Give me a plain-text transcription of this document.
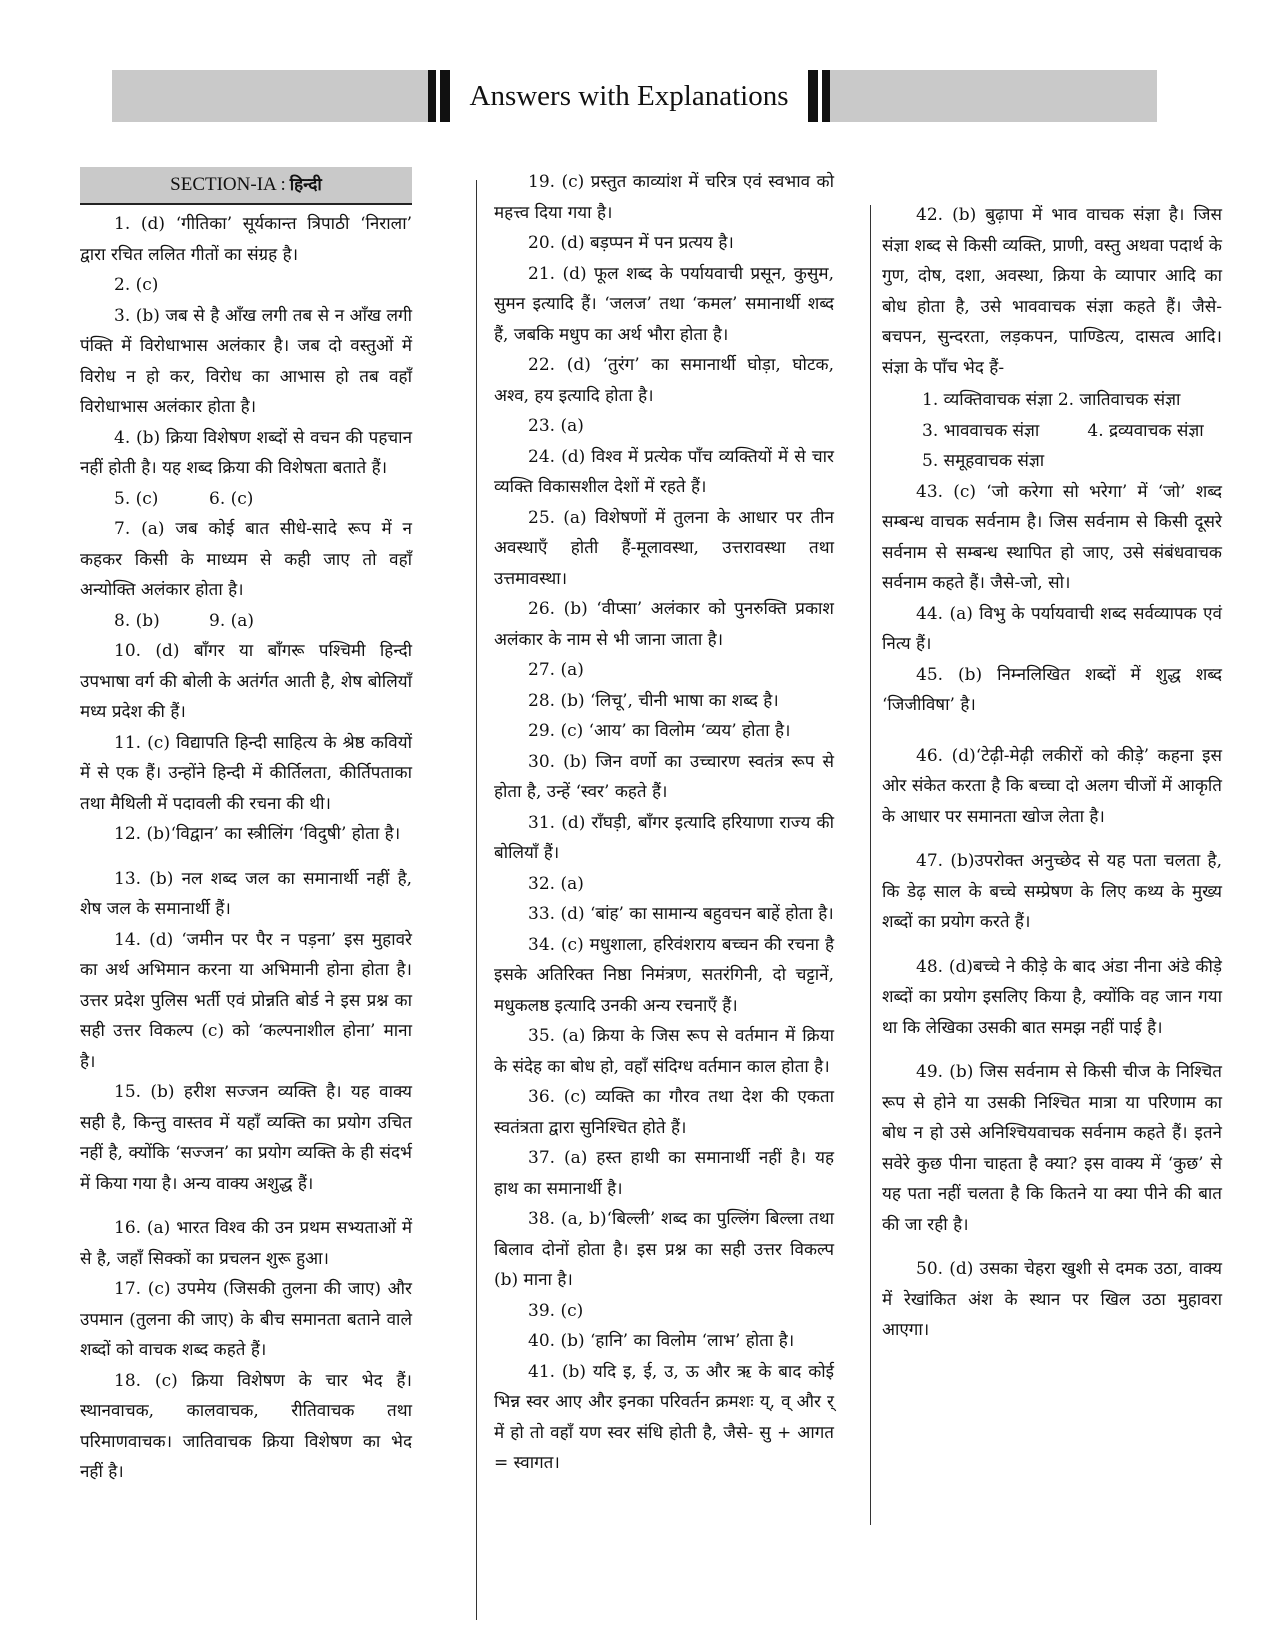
Answers with Explanations
SECTION-IA : हिन्दी

1. (d) ‘गीतिका’ सूर्यकान्त त्रिपाठी ‘निराला’ द्वारा रचित ललित गीतों का संग्रह है।

2. (c)

3. (b) जब से है आँख लगी तब से न आँख लगी पंक्ति में विरोधाभास अलंकार है। जब दो वस्तुओं में विरोध न हो कर, विरोध का आभास हो तब वहाँ विरोधाभास अलंकार होता है।

4. (b) क्रिया विशेषण शब्दों से वचन की पहचान नहीं होती है। यह शब्द क्रिया की विशेषता बताते हैं।

5. (c)	6. (c)

7. (a) जब कोई बात सीधे-सादे रूप में न कहकर किसी के माध्यम से कही जाए तो वहाँ अन्योक्ति अलंकार होता है।

8. (b)	9. (a)

10. (d) बाँगर या बाँगरू पश्चिमी हिन्दी उपभाषा वर्ग की बोली के अतंर्गत आती है, शेष बोलियाँ मध्य प्रदेश की हैं।

11. (c) विद्यापति हिन्दी साहित्य के श्रेष्ठ कवियों में से एक हैं। उन्होंने हिन्दी में कीर्तिलता, कीर्तिपताका तथा मैथिली में पदावली की रचना की थी।

12. (b)‘विद्वान’ का स्त्रीलिंग ‘विदुषी’ होता है।

13. (b) नल शब्द जल का समानार्थी नहीं है, शेष जल के समानार्थी हैं।

14. (d) ‘जमीन पर पैर न पड़ना’ इस मुहावरे का अर्थ अभिमान करना या अभिमानी होना होता है। उत्तर प्रदेश पुलिस भर्ती एवं प्रोन्नति बोर्ड ने इस प्रश्न का सही उत्तर विकल्प (c) को ‘कल्पनाशील होना’ माना है।

15. (b) हरीश सज्जन व्यक्ति है। यह वाक्य सही है, किन्तु वास्तव में यहाँ व्यक्ति का प्रयोग उचित नहीं है, क्योंकि ‘सज्जन’ का प्रयोग व्यक्ति के ही संदर्भ में किया गया है। अन्य वाक्य अशुद्ध हैं।

16. (a) भारत विश्व की उन प्रथम सभ्यताओं में से है, जहाँ सिक्कों का प्रचलन शुरू हुआ।

17. (c) उपमेय (जिसकी तुलना की जाए) और उपमान (तुलना की जाए) के बीच समानता बताने वाले शब्दों को वाचक शब्द कहते हैं।

18. (c) क्रिया विशेषण के चार भेद हैं। स्थानवाचक, कालवाचक, रीतिवाचक तथा परिमाणवाचक। जातिवाचक क्रिया विशेषण का भेद नहीं है।

19. (c) प्रस्तुत काव्यांश में चरित्र एवं स्वभाव को महत्त्व दिया गया है।

20. (d) बड़प्पन में पन प्रत्यय है।

21. (d) फूल शब्द के पर्यायवाची प्रसून, कुसुम, सुमन इत्यादि हैं। ‘जलज’ तथा ‘कमल’ समानार्थी शब्द हैं, जबकि मधुप का अर्थ भौरा होता है।

22. (d) ‘तुरंग’ का समानार्थी घोड़ा, घोटक, अश्व, हय इत्यादि होता है।

23. (a)

24. (d) विश्व में प्रत्येक पाँच व्यक्तियों में से चार व्यक्ति विकासशील देशों में रहते हैं।

25. (a) विशेषणों में तुलना के आधार पर तीन अवस्थाएँ होती हैं-मूलावस्था, उत्तरावस्था तथा उत्तमावस्था।

26. (b) ‘वीप्सा’ अलंकार को पुनरुक्ति प्रकाश अलंकार के नाम से भी जाना जाता है।

27. (a)

28. (b) ‘लिचू’, चीनी भाषा का शब्द है।

29. (c) ‘आय’ का विलोम ‘व्यय’ होता है।

30. (b) जिन वर्णो का उच्चारण स्वतंत्र रूप से होता है, उन्हें ‘स्वर’ कहते हैं।

31. (d) राँघड़ी, बाँगर इत्यादि हरियाणा राज्य की बोलियाँ हैं।

32. (a)

33. (d) ‘बांह’ का सामान्य बहुवचन बाहें होता है।

34. (c) मधुशाला, हरिवंशराय बच्चन की रचना है इसके अतिरिक्त निष्ठा निमंत्रण, सतरंगिनी, दो चट्टानें, मधुकलष्ठ इत्यादि उनकी अन्य रचनाएँ हैं।

35. (a) क्रिया के जिस रूप से वर्तमान में क्रिया के संदेह का बोध हो, वहाँ संदिग्ध वर्तमान काल होता है।

36. (c) व्यक्ति का गौरव तथा देश की एकता स्वतंत्रता द्वारा सुनिश्चित होते हैं।

37. (a) हस्त हाथी का समानार्थी नहीं है। यह हाथ का समानार्थी है।

38. (a, b)‘बिल्ली’ शब्द का पुल्लिंग बिल्ला तथा बिलाव दोनों होता है। इस प्रश्न का सही उत्तर विकल्प (b) माना है।

39. (c)

40. (b) ‘हानि’ का विलोम ‘लाभ’ होता है।

41. (b) यदि इ, ई, उ, ऊ और ऋ के बाद कोई भिन्न स्वर आए और इनका परिवर्तन क्रमशः य्, व् और र् में हो तो वहाँ यण स्वर संधि होती है, जैसे- सु + आगत = स्वागत।

42. (b) बुढ़ापा में भाव वाचक संज्ञा है। जिस संज्ञा शब्द से किसी व्यक्ति, प्राणी, वस्तु अथवा पदार्थ के गुण, दोष, दशा, अवस्था, क्रिया के व्यापार आदि का बोध होता है, उसे भाववाचक संज्ञा कहते हैं। जैसे-बचपन, सुन्दरता, लड़कपन, पाण्डित्य, दासत्व आदि। संज्ञा के पाँच भेद हैं-

1. व्यक्तिवाचक संज्ञा 2. जातिवाचक संज्ञा
3. भाववाचक संज्ञा	4. द्रव्यवाचक संज्ञा
5. समूहवाचक संज्ञा

43. (c) ‘जो करेगा सो भरेगा’ में ‘जो’ शब्द सम्बन्ध वाचक सर्वनाम है। जिस सर्वनाम से किसी दूसरे सर्वनाम से सम्बन्ध स्थापित हो जाए, उसे संबंधवाचक सर्वनाम कहते हैं। जैसे-जो, सो।

44. (a) विभु के पर्यायवाची शब्द सर्वव्यापक एवं नित्य हैं।

45. (b) निम्नलिखित शब्दों में शुद्ध शब्द ‘जिजीविषा’ है।

46. (d)‘टेढ़ी-मेढ़ी लकीरों को कीड़े’ कहना इस ओर संकेत करता है कि बच्चा दो अलग चीजों में आकृति के आधार पर समानता खोज लेता है।

47. (b)उपरोक्त अनुच्छेद से यह पता चलता है, कि डेढ़ साल के बच्चे सम्प्रेषण के लिए कथ्य के मुख्य शब्दों का प्रयोग करते हैं।

48. (d)बच्चे ने कीड़े के बाद अंडा नीना अंडे कीड़े शब्दों का प्रयोग इसलिए किया है, क्योंकि वह जान गया था कि लेखिका उसकी बात समझ नहीं पाई है।

49. (b) जिस सर्वनाम से किसी चीज के निश्चित रूप से होने या उसकी निश्चित मात्रा या परिणाम का बोध न हो उसे अनिश्चियवाचक सर्वनाम कहते हैं। इतने सवेरे कुछ पीना चाहता है क्या? इस वाक्य में ‘कुछ’ से यह पता नहीं चलता है कि कितने या क्या पीने की बात की जा रही है।

50. (d) उसका चेहरा खुशी से दमक उठा, वाक्य में रेखांकित अंश के स्थान पर खिल उठा मुहावरा आएगा।
